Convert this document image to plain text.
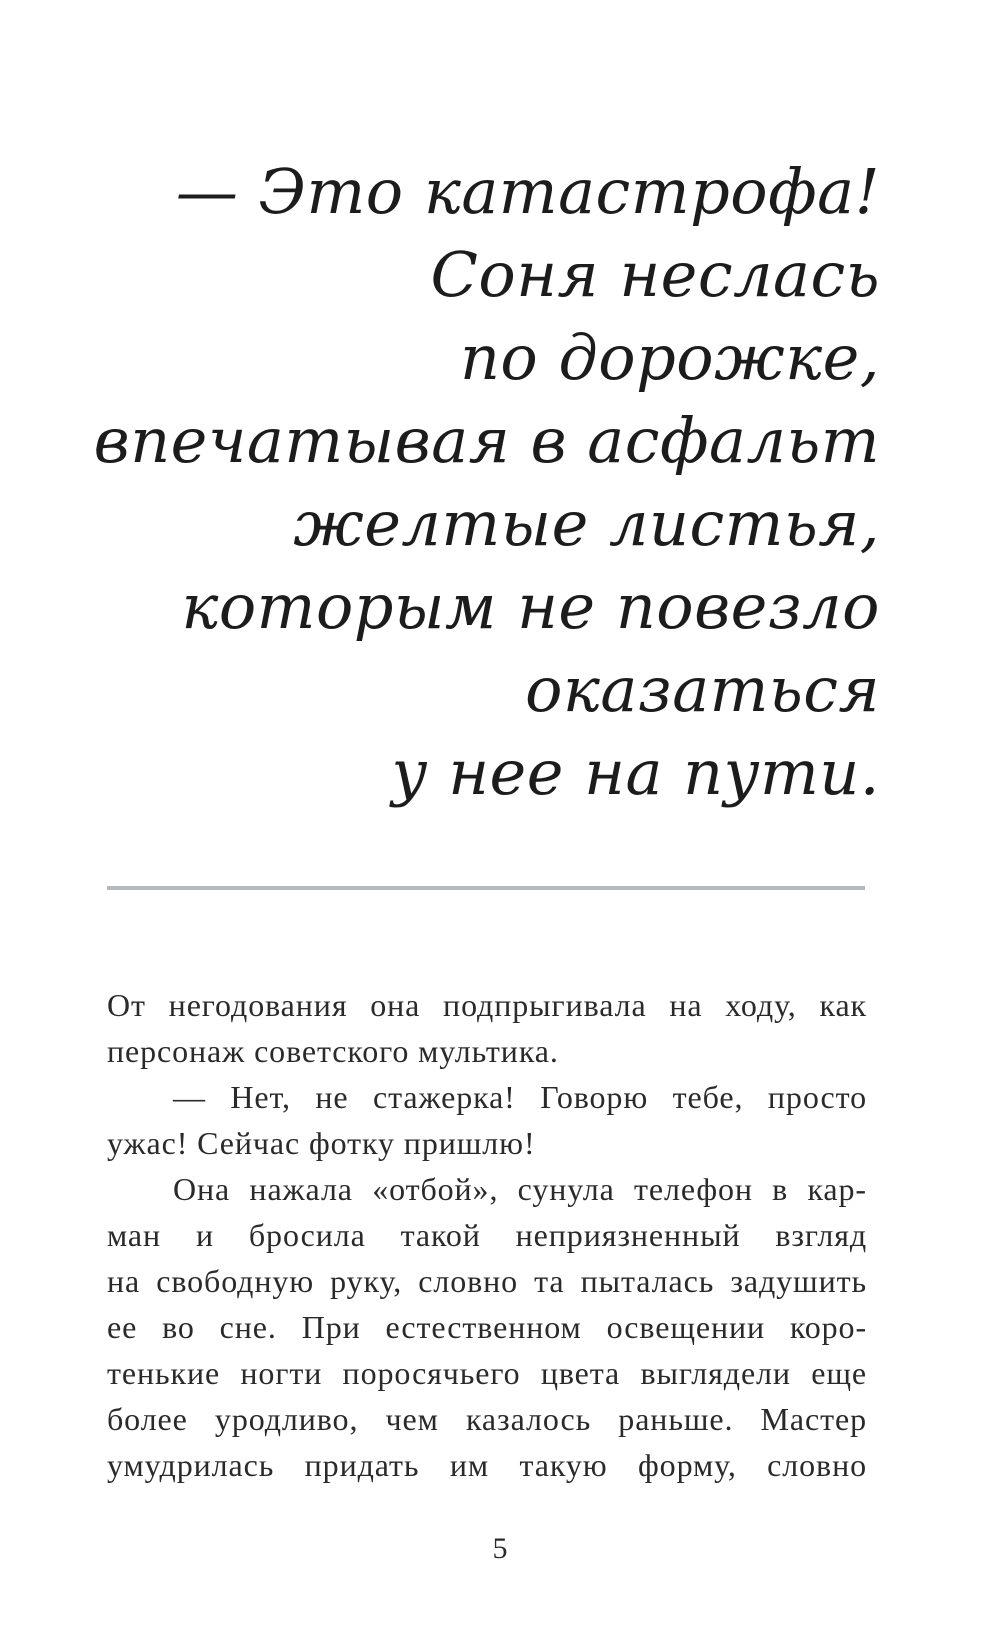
— Это катастрофа!
Соня неслась
по дорожке,
впечатывая в асфальт
желтые листья,
которым не повезло
оказаться
у нее на пути.
От негодования она подпрыгивала на ходу, как
персонаж советского мультика.
— Нет, не стажерка! Говорю тебе, просто
ужас! Сейчас фотку пришлю!
Она нажала «отбой», сунула телефон в кар-
ман и бросила такой неприязненный взгляд
на свободную руку, словно та пыталась задушить
ее во сне. При естественном освещении коро-
тенькие ногти поросячьего цвета выглядели еще
более уродливо, чем казалось раньше. Мастер
умудрилась придать им такую форму, словно
5
